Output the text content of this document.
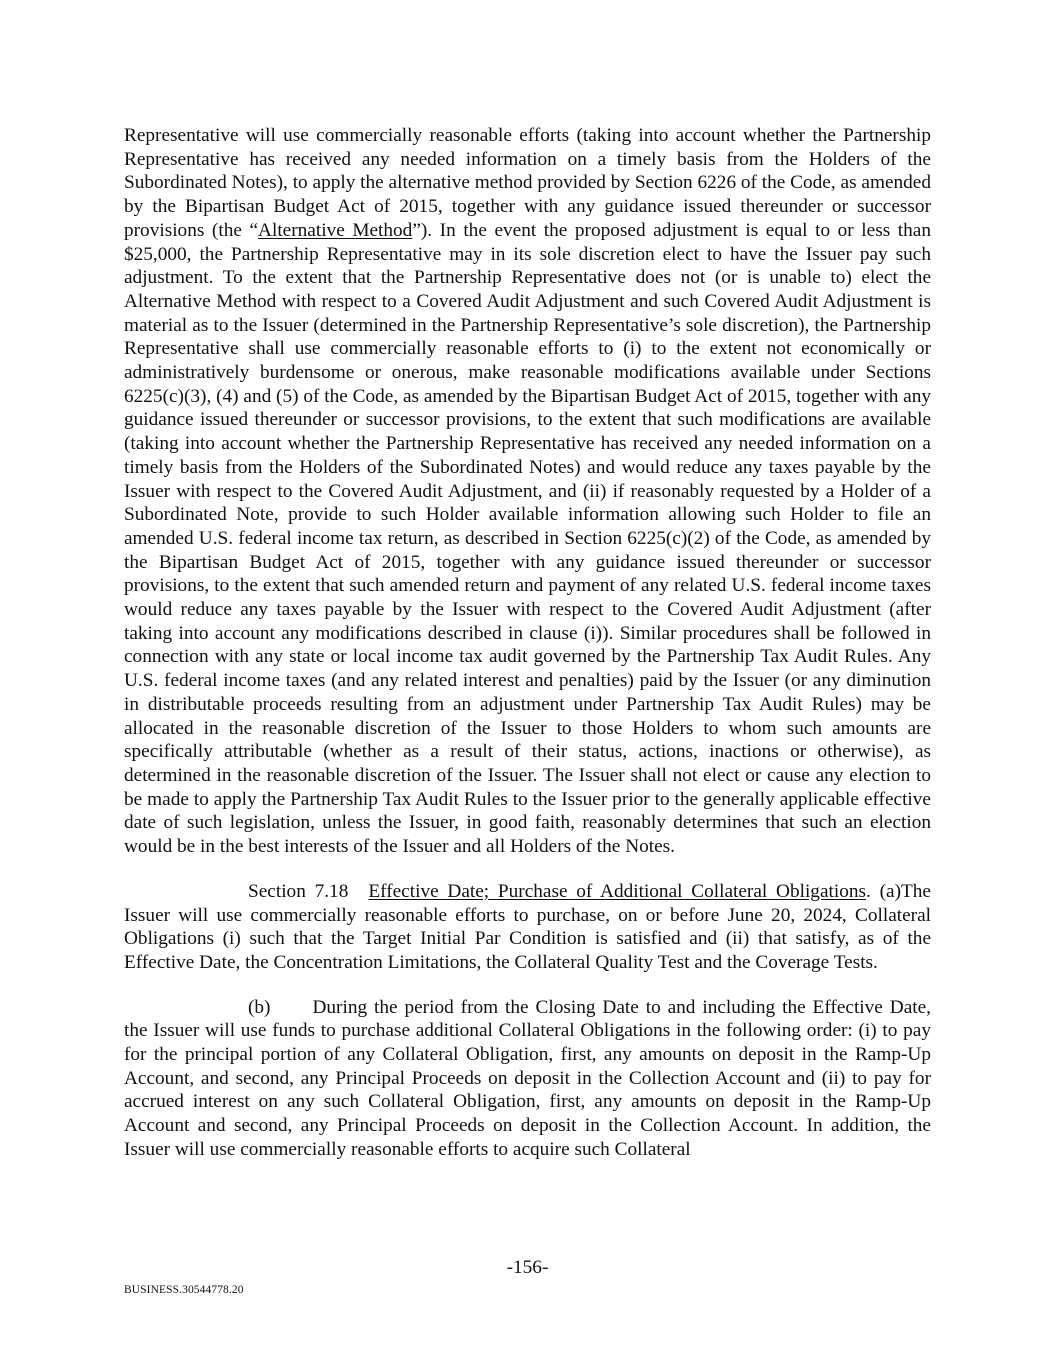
Representative will use commercially reasonable efforts (taking into account whether the Partnership Representative has received any needed information on a timely basis from the Holders of the Subordinated Notes), to apply the alternative method provided by Section 6226 of the Code, as amended by the Bipartisan Budget Act of 2015, together with any guidance issued thereunder or successor provisions (the “Alternative Method”). In the event the proposed adjustment is equal to or less than $25,000, the Partnership Representative may in its sole discretion elect to have the Issuer pay such adjustment. To the extent that the Partnership Representative does not (or is unable to) elect the Alternative Method with respect to a Covered Audit Adjustment and such Covered Audit Adjustment is material as to the Issuer (determined in the Partnership Representative’s sole discretion), the Partnership Representative shall use commercially reasonable efforts to (i) to the extent not economically or administratively burdensome or onerous, make reasonable modifications available under Sections 6225(c)(3), (4) and (5) of the Code, as amended by the Bipartisan Budget Act of 2015, together with any guidance issued thereunder or successor provisions, to the extent that such modifications are available (taking into account whether the Partnership Representative has received any needed information on a timely basis from the Holders of the Subordinated Notes) and would reduce any taxes payable by the Issuer with respect to the Covered Audit Adjustment, and (ii) if reasonably requested by a Holder of a Subordinated Note, provide to such Holder available information allowing such Holder to file an amended U.S. federal income tax return, as described in Section 6225(c)(2) of the Code, as amended by the Bipartisan Budget Act of 2015, together with any guidance issued thereunder or successor provisions, to the extent that such amended return and payment of any related U.S. federal income taxes would reduce any taxes payable by the Issuer with respect to the Covered Audit Adjustment (after taking into account any modifications described in clause (i)). Similar procedures shall be followed in connection with any state or local income tax audit governed by the Partnership Tax Audit Rules. Any U.S. federal income taxes (and any related interest and penalties) paid by the Issuer (or any diminution in distributable proceeds resulting from an adjustment under Partnership Tax Audit Rules) may be allocated in the reasonable discretion of the Issuer to those Holders to whom such amounts are specifically attributable (whether as a result of their status, actions, inactions or otherwise), as determined in the reasonable discretion of the Issuer. The Issuer shall not elect or cause any election to be made to apply the Partnership Tax Audit Rules to the Issuer prior to the generally applicable effective date of such legislation, unless the Issuer, in good faith, reasonably determines that such an election would be in the best interests of the Issuer and all Holders of the Notes.

Section 7.18 Effective Date; Purchase of Additional Collateral Obligations. (a)The Issuer will use commercially reasonable efforts to purchase, on or before June 20, 2024, Collateral Obligations (i) such that the Target Initial Par Condition is satisfied and (ii) that satisfy, as of the Effective Date, the Concentration Limitations, the Collateral Quality Test and the Coverage Tests.

(b) During the period from the Closing Date to and including the Effective Date, the Issuer will use funds to purchase additional Collateral Obligations in the following order: (i) to pay for the principal portion of any Collateral Obligation, first, any amounts on deposit in the Ramp-Up Account, and second, any Principal Proceeds on deposit in the Collection Account and (ii) to pay for accrued interest on any such Collateral Obligation, first, any amounts on deposit in the Ramp-Up Account and second, any Principal Proceeds on deposit in the Collection Account. In addition, the Issuer will use commercially reasonable efforts to acquire such Collateral

-156-
BUSINESS.30544778.20
